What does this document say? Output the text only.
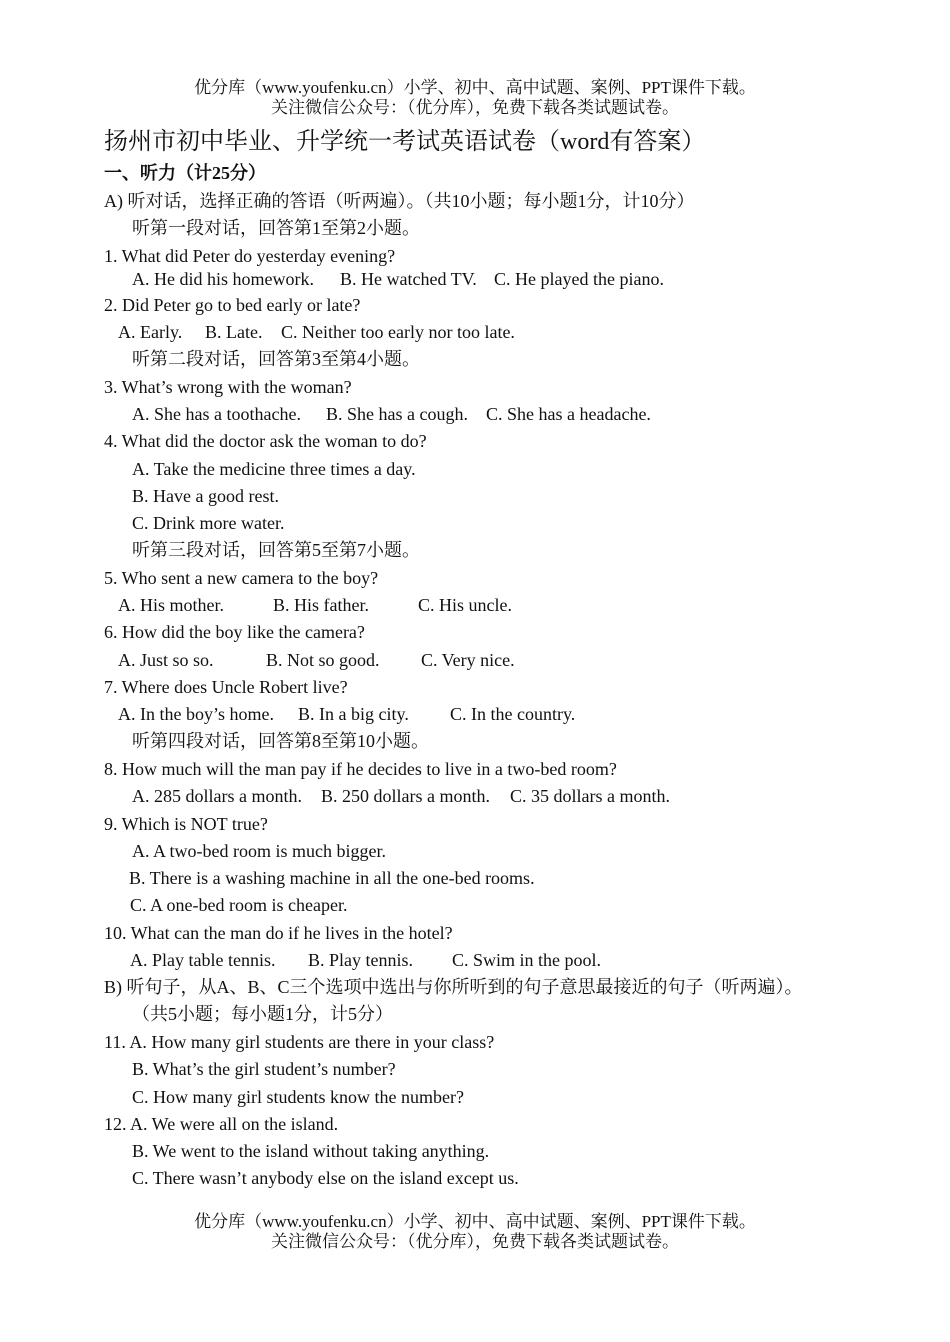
优分库（www.youfenku.cn）小学、初中、高中试题、案例、PPT课件下载。
关注微信公众号：（优分库），免费下载各类试题试卷。
扬州市初中毕业、升学统一考试英语试卷（word有答案）
一、听力（计25分）
A) 听对话，选择正确的答语（听两遍）。（共10小题；每小题1分，计10分）
听第一段对话，回答第1至第2小题。
1. What did Peter do yesterday evening?
A. He did his homework. B. He watched TV. C. He played the piano.
2. Did Peter go to bed early or late?
A. Early. B. Late. C. Neither too early nor too late.
听第二段对话，回答第3至第4小题。
3. What’s wrong with the woman?
A. She has a toothache. B. She has a cough. C. She has a headache.
4. What did the doctor ask the woman to do?
A. Take the medicine three times a day.
B. Have a good rest.
C. Drink more water.
听第三段对话，回答第5至第7小题。
5. Who sent a new camera to the boy?
A. His mother.	B. His father.	C. His uncle.
6. How did the boy like the camera?
A. Just so so.	B. Not so good. C. Very nice.
7. Where does Uncle Robert live?
A. In the boy’s home. B. In a big city. C. In the country.
听第四段对话，回答第8至第10小题。
8. How much will the man pay if he decides to live in a two-bed room?
A. 285 dollars a month. B. 250 dollars a month. C. 35 dollars a month.
9. Which is NOT true?
A. A two-bed room is much bigger.
B. There is a washing machine in all the one-bed rooms.
C. A one-bed room is cheaper.
10. What can the man do if he lives in the hotel?
A. Play table tennis. B. Play tennis. C. Swim in the pool.
B) 听句子，从A、B、C三个选项中选出与你所听到的句子意思最接近的句子（听两遍）。
（共5小题；每小题1分，计5分）
11. A. How many girl students are there in your class?
B. What’s the girl student’s number?
C. How many girl students know the number?
12. A. We were all on the island.
B. We went to the island without taking anything.
C. There wasn’t anybody else on the island except us.
优分库（www.youfenku.cn）小学、初中、高中试题、案例、PPT课件下载。
关注微信公众号：（优分库），免费下载各类试题试卷。
